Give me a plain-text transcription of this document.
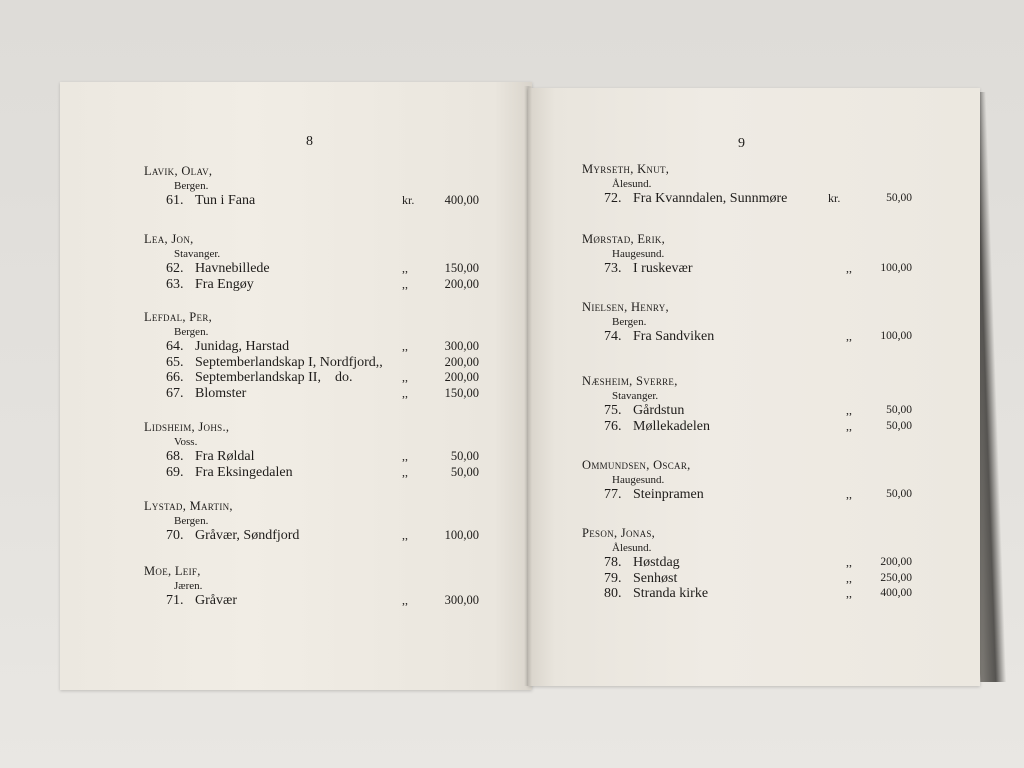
8
Lavik, Olav,
Bergen.
61. Tun i Fana	kr. 400,00
Lea, Jon,
Stavanger.
62. Havnebillede	,,	150,00
63. Fra Engøy	,,	200,00
Lefdal, Per,
Bergen.
64. Junidag, Harstad	,,	300,00
65. Septemberlandskap I, Nordfjord,,	200,00
66. Septemberlandskap II,    do.	,,	200,00
67. Blomster	,,	150,00
Lidsheim, Johs.,
Voss.
68. Fra Røldal	,,	50,00
69. Fra Eksingedalen	,,	50,00
Lystad, Martin,
Bergen.
70. Gråvær, Søndfjord	,,	100,00
Moe, Leif,
Jæren.
71. Gråvær	,,	300,00
9
Myrseth, Knut,
Ålesund.
72. Fra Kvanndalen, Sunnmøre	kr.	50,00
Mørstad, Erik,
Haugesund.
73. I ruskevær	,, 100,00
Nielsen, Henry,
Bergen.
74. Fra Sandviken	,, 100,00
Næsheim, Sverre,
Stavanger.
75. Gårdstun	,,	50,00
76. Møllekadelen	,,	50,00
Ommundsen, Oscar,
Haugesund.
77. Steinpramen	,,	50,00
Peson, Jonas,
Ålesund.
78. Høstdag	,, 200,00
79. Senhøst	,, 250,00
80. Stranda kirke	,, 400,00
